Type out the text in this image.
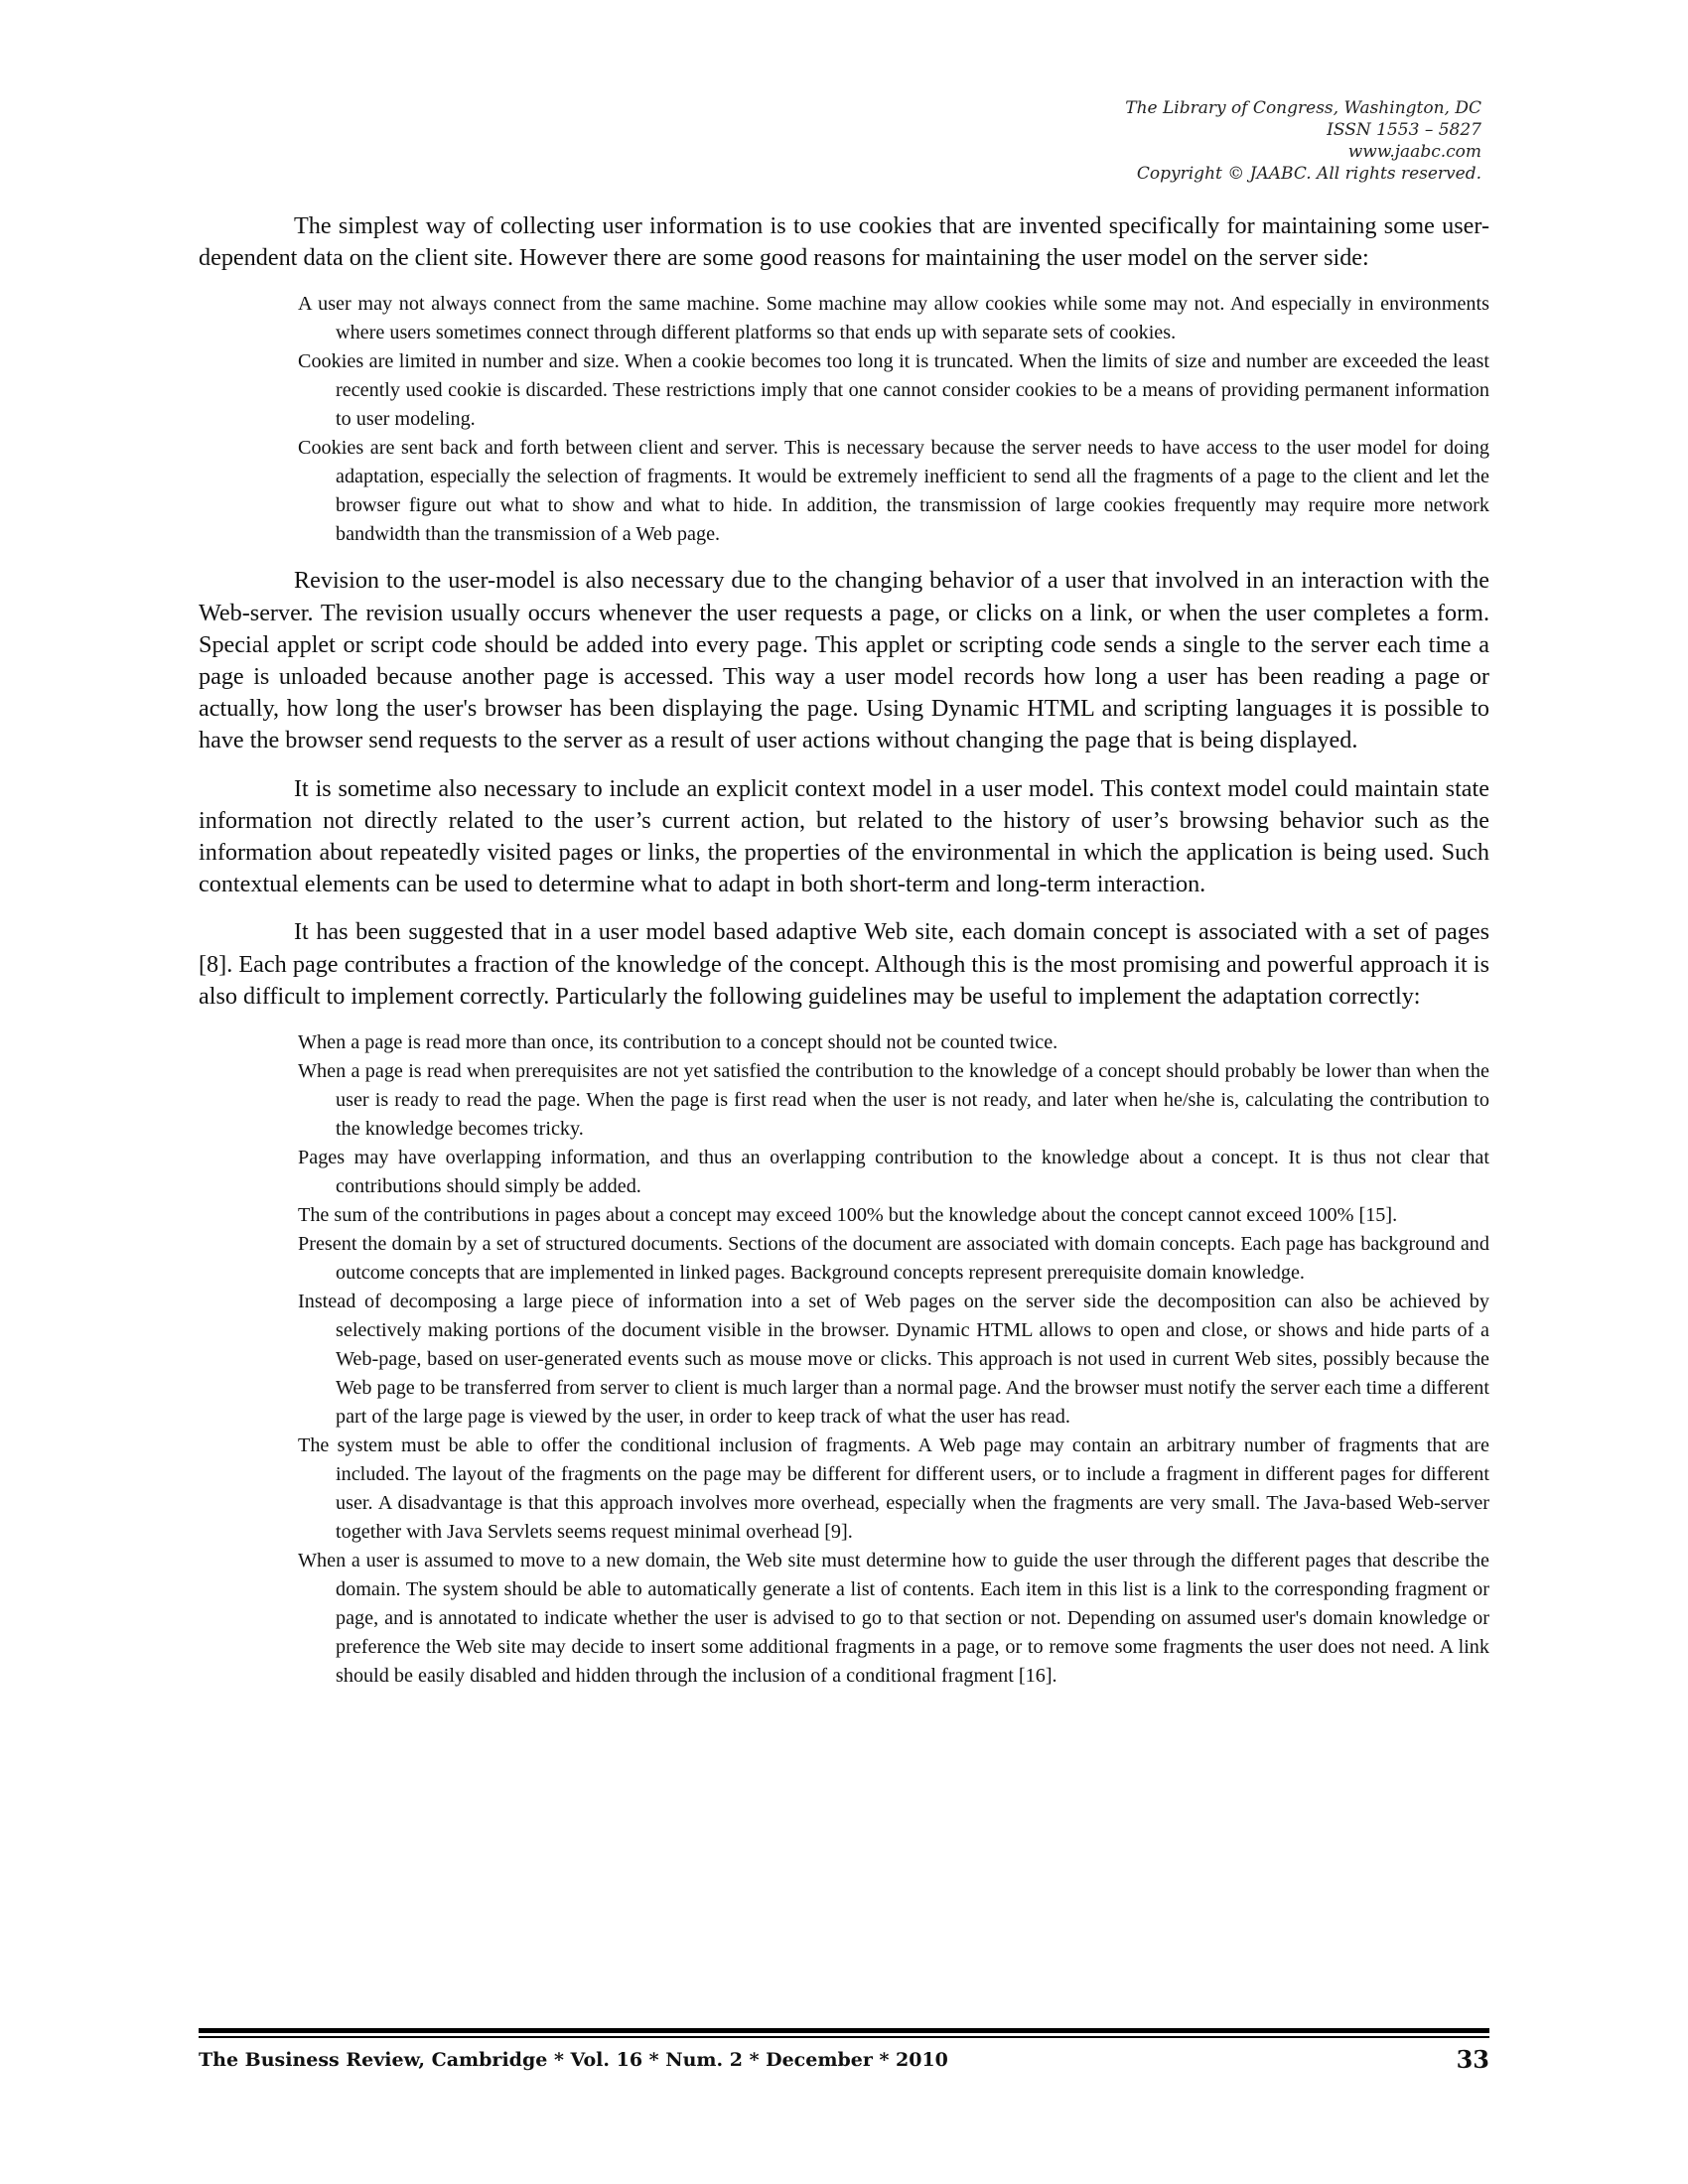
The Library of Congress, Washington, DC
ISSN 1553 – 5827
www.jaabc.com
Copyright © JAABC. All rights reserved.

The simplest way of collecting user information is to use cookies that are invented specifically for maintaining some user-dependent data on the client site. However there are some good reasons for maintaining the user model on the server side:

A user may not always connect from the same machine. Some machine may allow cookies while some may not. And especially in environments where users sometimes connect through different platforms so that ends up with separate sets of cookies.
Cookies are limited in number and size. When a cookie becomes too long it is truncated. When the limits of size and number are exceeded the least recently used cookie is discarded. These restrictions imply that one cannot consider cookies to be a means of providing permanent information to user modeling.
Cookies are sent back and forth between client and server. This is necessary because the server needs to have access to the user model for doing adaptation, especially the selection of fragments. It would be extremely inefficient to send all the fragments of a page to the client and let the browser figure out what to show and what to hide. In addition, the transmission of large cookies frequently may require more network bandwidth than the transmission of a Web page.

Revision to the user-model is also necessary due to the changing behavior of a user that involved in an interaction with the Web-server. The revision usually occurs whenever the user requests a page, or clicks on a link, or when the user completes a form. Special applet or script code should be added into every page. This applet or scripting code sends a single to the server each time a page is unloaded because another page is accessed. This way a user model records how long a user has been reading a page or actually, how long the user's browser has been displaying the page. Using Dynamic HTML and scripting languages it is possible to have the browser send requests to the server as a result of user actions without changing the page that is being displayed.

It is sometime also necessary to include an explicit context model in a user model. This context model could maintain state information not directly related to the user’s current action, but related to the history of user’s browsing behavior such as the information about repeatedly visited pages or links, the properties of the environmental in which the application is being used. Such contextual elements can be used to determine what to adapt in both short-term and long-term interaction.

It has been suggested that in a user model based adaptive Web site, each domain concept is associated with a set of pages [8]. Each page contributes a fraction of the knowledge of the concept. Although this is the most promising and powerful approach it is also difficult to implement correctly. Particularly the following guidelines may be useful to implement the adaptation correctly:

When a page is read more than once, its contribution to a concept should not be counted twice.
When a page is read when prerequisites are not yet satisfied the contribution to the knowledge of a concept should probably be lower than when the user is ready to read the page. When the page is first read when the user is not ready, and later when he/she is, calculating the contribution to the knowledge becomes tricky.
Pages may have overlapping information, and thus an overlapping contribution to the knowledge about a concept. It is thus not clear that contributions should simply be added.
The sum of the contributions in pages about a concept may exceed 100% but the knowledge about the concept cannot exceed 100% [15].
Present the domain by a set of structured documents. Sections of the document are associated with domain concepts. Each page has background and outcome concepts that are implemented in linked pages. Background concepts represent prerequisite domain knowledge.
Instead of decomposing a large piece of information into a set of Web pages on the server side the decomposition can also be achieved by selectively making portions of the document visible in the browser. Dynamic HTML allows to open and close, or shows and hide parts of a Web-page, based on user-generated events such as mouse move or clicks. This approach is not used in current Web sites, possibly because the Web page to be transferred from server to client is much larger than a normal page. And the browser must notify the server each time a different part of the large page is viewed by the user, in order to keep track of what the user has read.
The system must be able to offer the conditional inclusion of fragments. A Web page may contain an arbitrary number of fragments that are included. The layout of the fragments on the page may be different for different users, or to include a fragment in different pages for different user. A disadvantage is that this approach involves more overhead, especially when the fragments are very small. The Java-based Web-server together with Java Servlets seems request minimal overhead [9].
When a user is assumed to move to a new domain, the Web site must determine how to guide the user through the different pages that describe the domain. The system should be able to automatically generate a list of contents. Each item in this list is a link to the corresponding fragment or page, and is annotated to indicate whether the user is advised to go to that section or not. Depending on assumed user's domain knowledge or preference the Web site may decide to insert some additional fragments in a page, or to remove some fragments the user does not need. A link should be easily disabled and hidden through the inclusion of a conditional fragment [16].
The Business Review, Cambridge * Vol. 16 * Num. 2 * December * 2010	33
